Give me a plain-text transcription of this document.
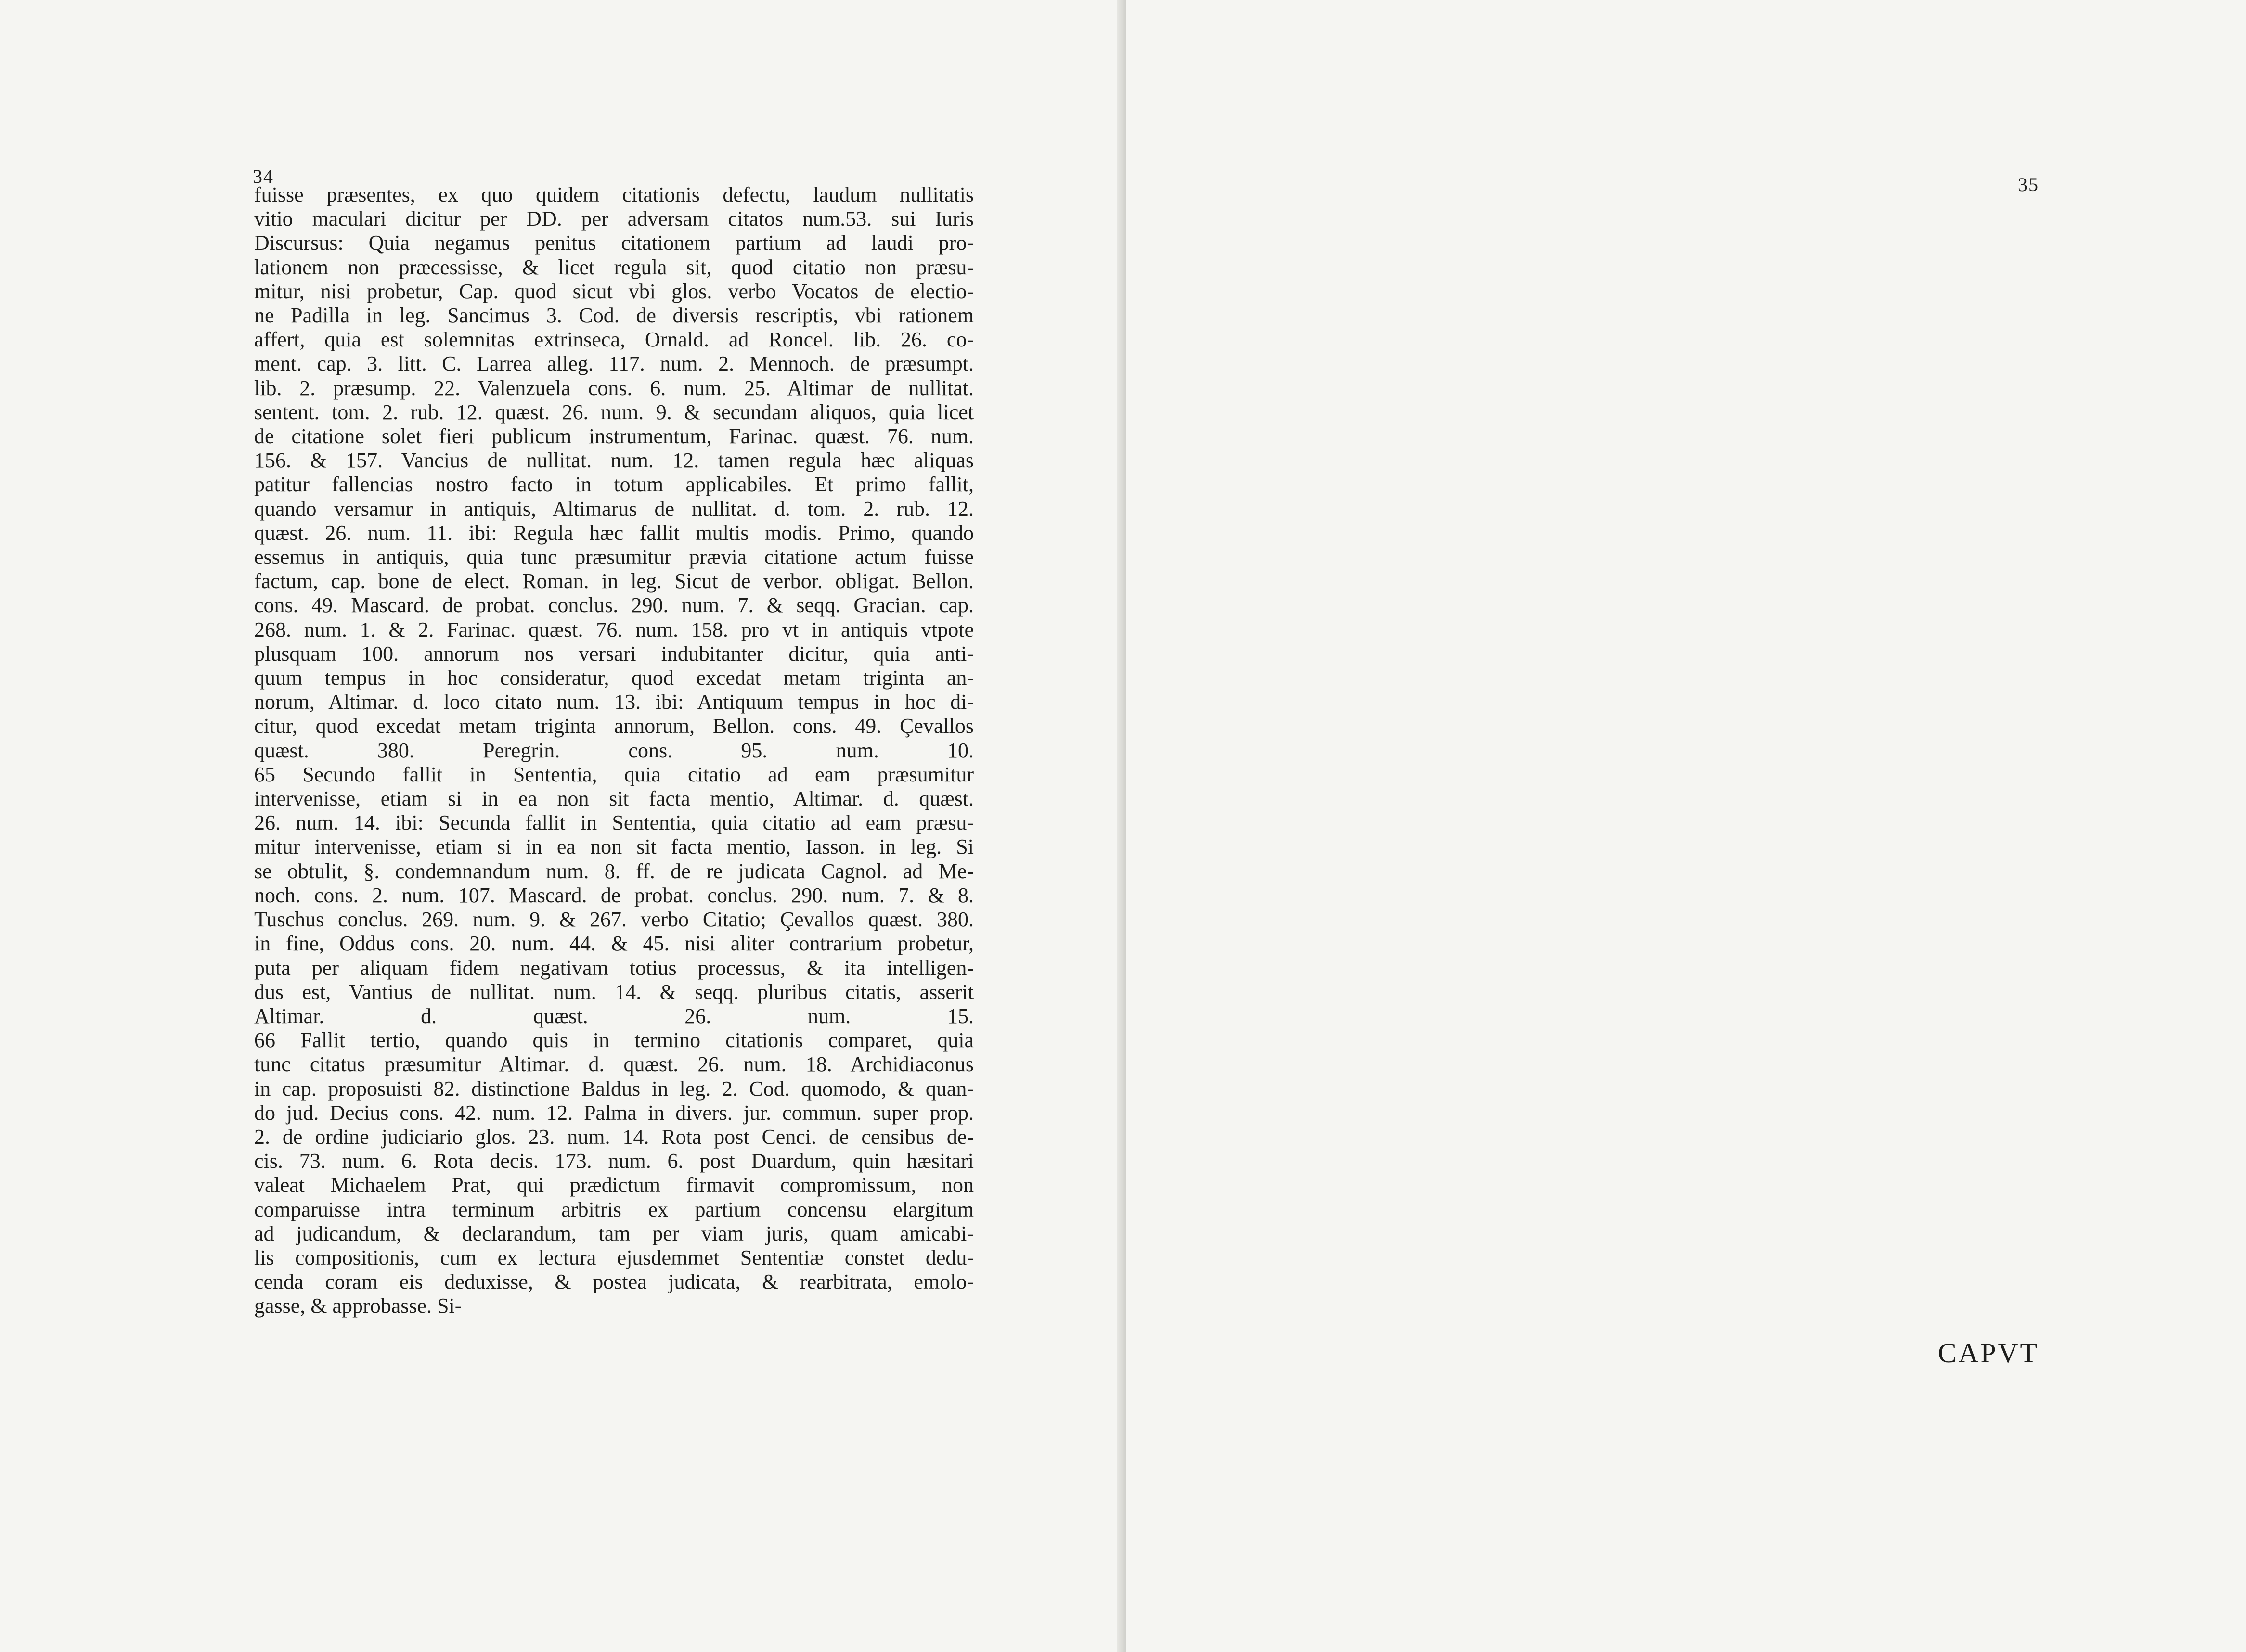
34
fuisse præsentes, ex quo quidem citationis defectu, laudum nullitatis
vitio maculari dicitur per DD. per adversam citatos num.53. sui Iuris
Discursus: Quia negamus penitus citationem partium ad laudi pro-
lationem non præcessisse, & licet regula sit, quod citatio non præsu-
mitur, nisi probetur, Cap. quod sicut vbi glos. verbo Vocatos de electio-
ne Padilla in leg. Sancimus 3. Cod. de diversis rescriptis, vbi rationem
affert, quia est solemnitas extrinseca, Ornald. ad Roncel. lib. 26. co-
ment. cap. 3. litt. C. Larrea alleg. 117. num. 2. Mennoch. de præsumpt.
lib. 2. præsump. 22. Valenzuela cons. 6. num. 25. Altimar de nullitat.
sentent. tom. 2. rub. 12. quæst. 26. num. 9. & secundam aliquos, quia licet
de citatione solet fieri publicum instrumentum, Farinac. quæst. 76. num.
156. & 157. Vancius de nullitat. num. 12. tamen regula hæc aliquas
patitur fallencias nostro facto in totum applicabiles. Et primo fallit,
quando versamur in antiquis, Altimarus de nullitat. d. tom. 2. rub. 12.
quæst. 26. num. 11. ibi: Regula hæc fallit multis modis. Primo, quando
essemus in antiquis, quia tunc præsumitur prævia citatione actum fuisse
factum, cap. bone de elect. Roman. in leg. Sicut de verbor. obligat. Bellon.
cons. 49. Mascard. de probat. conclus. 290. num. 7. & seqq. Gracian. cap.
268. num. 1. & 2. Farinac. quæst. 76. num. 158. pro vt in antiquis vtpote
plusquam 100. annorum nos versari indubitanter dicitur, quia anti-
quum tempus in hoc consideratur, quod excedat metam triginta an-
norum, Altimar. d. loco citato num. 13. ibi: Antiquum tempus in hoc di-
citur, quod excedat metam triginta annorum, Bellon. cons. 49. Çevallos
quæst. 380. Peregrin. cons. 95. num. 10.
65 Secundo fallit in Sententia, quia citatio ad eam præsumitur
intervenisse, etiam si in ea non sit facta mentio, Altimar. d. quæst.
26. num. 14. ibi: Secunda fallit in Sententia, quia citatio ad eam præsu-
mitur intervenisse, etiam si in ea non sit facta mentio, Iasson. in leg. Si
se obtulit, §. condemnandum num. 8. ff. de re judicata Cagnol. ad Me-
noch. cons. 2. num. 107. Mascard. de probat. conclus. 290. num. 7. & 8.
Tuschus conclus. 269. num. 9. & 267. verbo Citatio; Çevallos quæst. 380.
in fine, Oddus cons. 20. num. 44. & 45. nisi aliter contrarium probetur,
puta per aliquam fidem negativam totius processus, & ita intelligen-
dus est, Vantius de nullitat. num. 14. & seqq. pluribus citatis, asserit
Altimar. d. quæst. 26. num. 15.
66 Fallit tertio, quando quis in termino citationis comparet, quia
tunc citatus præsumitur Altimar. d. quæst. 26. num. 18. Archidiaconus
in cap. proposuisti 82. distinctione Baldus in leg. 2. Cod. quomodo, & quan-
do jud. Decius cons. 42. num. 12. Palma in divers. jur. commun. super prop.
2. de ordine judiciario glos. 23. num. 14. Rota post Cenci. de censibus de-
cis. 73. num. 6. Rota decis. 173. num. 6. post Duardum, quin hæsitari
valeat Michaelem Prat, qui prædictum firmavit compromissum, non
comparuisse intra terminum arbitris ex partium concensu elargitum
ad judicandum, & declarandum, tam per viam juris, quam amicabi-
lis compositionis, cum ex lectura ejusdemmet Sententiæ constet dedu-
cenda coram eis deduxisse, & postea judicata, & rearbitrata, emolo-
gasse, & approbasse. Si-
35
CAPVT
